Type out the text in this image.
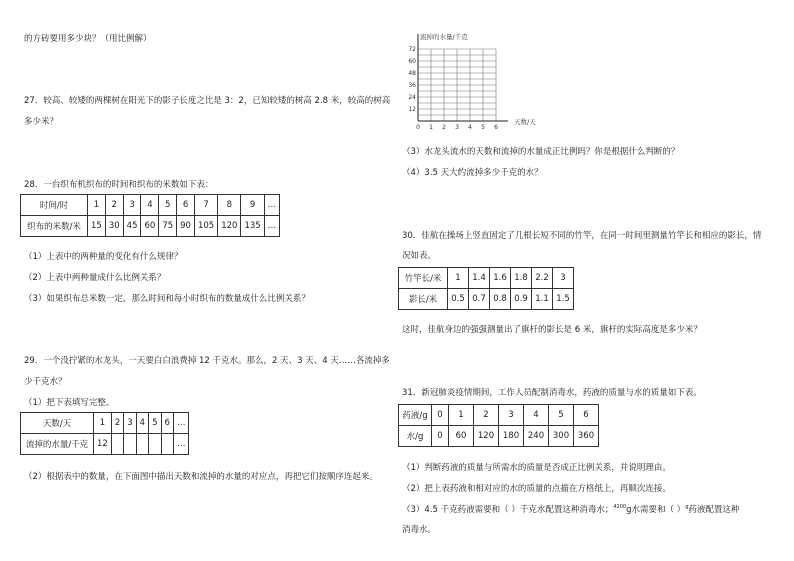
的方砖要用多少块？（用比例解）
27．较高、较矮的两棵树在阳光下的影子长度之比是 3：2，已知较矮的树高 2.8 米，较高的树高
多少米？
28．一台织布机织布的时间和织布的米数如下表：
时间/时	1	2	3	4	5	6	7	8	9	…
织布的米数/米	15	30	45	60	75	90	105	120	135	…
（1）上表中的两种量的变化有什么规律？
（2）上表中两种量成什么比例关系？
（3）如果织布总米数一定，那么时间和每小时织布的数量成什么比例关系？
29．一个没拧紧的水龙头，一天要白白浪费掉 12 千克水。那么，2 天、3 天、4 天……各流掉多
少千克水？
（1）把下表填写完整。
天数/天	1	2	3	4	5	6	…
流掉的水量/千克	12						…
（2）根据表中的数量，在下面图中描出天数和流掉的水量的对应点，再把它们按顺序连起来。
12
24
36
48
60
72
0 1 2 3 4 5 6
流掉的水量/千克
天数/天
（3）水龙头流水的天数和流掉的水量成正比例吗？你是根据什么判断的？
（4）3.5 天大约流掉多少千克的水？
30．佳航在操场上竖直固定了几根长短不同的竹竿，在同一时间里测量竹竿长和相应的影长，情
况如表。
竹竿长/米	1	1.4	1.6	1.8	2.2	3
影长/米	0.5	0.7	0.8	0.9	1.1	1.5
这时，佳航身边的强强测量出了旗杆的影长是 6 米，旗杆的实际高度是多少米？
31．新冠肺炎疫情期间，工作人员配制消毒水，药液的质量与水的质量如下表。
药液/g	0	1	2	3	4	5	6
水/g	0	60	120	180	240	300	360
（1）判断药液的质量与所需水的质量是否成正比例关系，并说明理由。
（2）把上表药液和相对应的水的质量的点描在方格纸上，再顺次连接。
（3）4.5 千克药液需要和（ ）千克水配置这种消毒水；$^{4200}$g水需要和（ ）$^g$药液配置这种
消毒水。
